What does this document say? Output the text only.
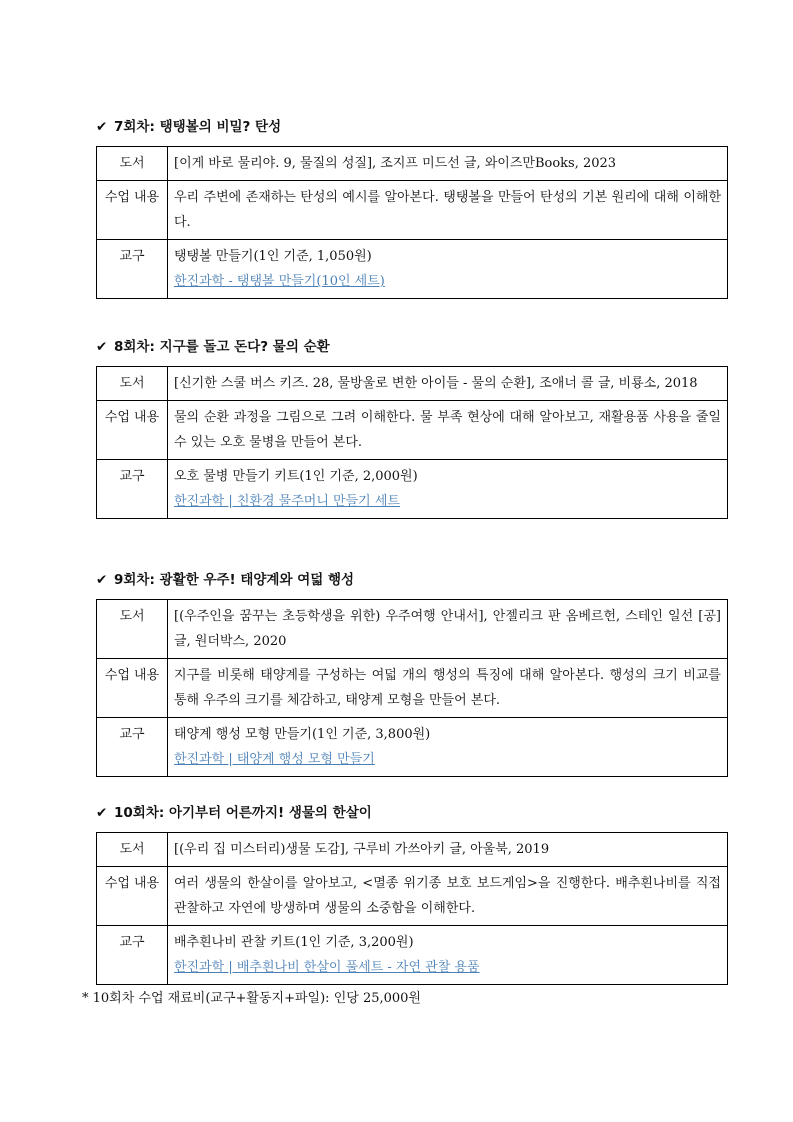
✔ 7회차: 탱탱볼의 비밀? 탄성
도서	[이게 바로 물리야. 9, 물질의 성질], 조지프 미드선 글, 와이즈만Books, 2023
수업 내용	우리 주변에 존재하는 탄성의 예시를 알아본다. 탱탱볼을 만들어 탄성의 기본 원리에 대해 이해한다.
교구	탱탱볼 만들기(1인 기준, 1,050원)
한진과학 - 탱탱볼 만들기(10인 세트)
✔ 8회차: 지구를 돌고 돈다? 물의 순환
도서	[신기한 스쿨 버스 키즈. 28, 물방울로 변한 아이들 - 물의 순환], 조애너 콜 글, 비룡소, 2018
수업 내용	물의 순환 과정을 그림으로 그려 이해한다. 물 부족 현상에 대해 알아보고, 재활용품 사용을 줄일 수 있는 오호 물병을 만들어 본다.
교구	오호 물병 만들기 키트(1인 기준, 2,000원)
한진과학 | 친환경 물주머니 만들기 세트
✔ 9회차: 광활한 우주! 태양계와 여덟 행성
도서	[(우주인을 꿈꾸는 초등학생을 위한) 우주여행 안내서], 안젤리크 판 옴베르헌, 스테인 일선 [공]글, 원더박스, 2020
수업 내용	지구를 비롯해 태양계를 구성하는 여덟 개의 행성의 특징에 대해 알아본다. 행성의 크기 비교를 통해 우주의 크기를 체감하고, 태양계 모형을 만들어 본다.
교구	태양계 행성 모형 만들기(1인 기준, 3,800원)
한진과학 | 태양계 행성 모형 만들기
✔ 10회차: 아기부터 어른까지! 생물의 한살이
도서	[(우리 집 미스터리)생물 도감], 구루비 가쓰아키 글, 아울북, 2019
수업 내용	여러 생물의 한살이를 알아보고, <멸종 위기종 보호 보드게임>을 진행한다. 배추흰나비를 직접 관찰하고 자연에 방생하며 생물의 소중함을 이해한다.
교구	배추흰나비 관찰 키트(1인 기준, 3,200원)
한진과학 | 배추흰나비 한살이 풀세트 - 자연 관찰 용품
* 10회차 수업 재료비(교구+활동지+파일): 인당 25,000원
